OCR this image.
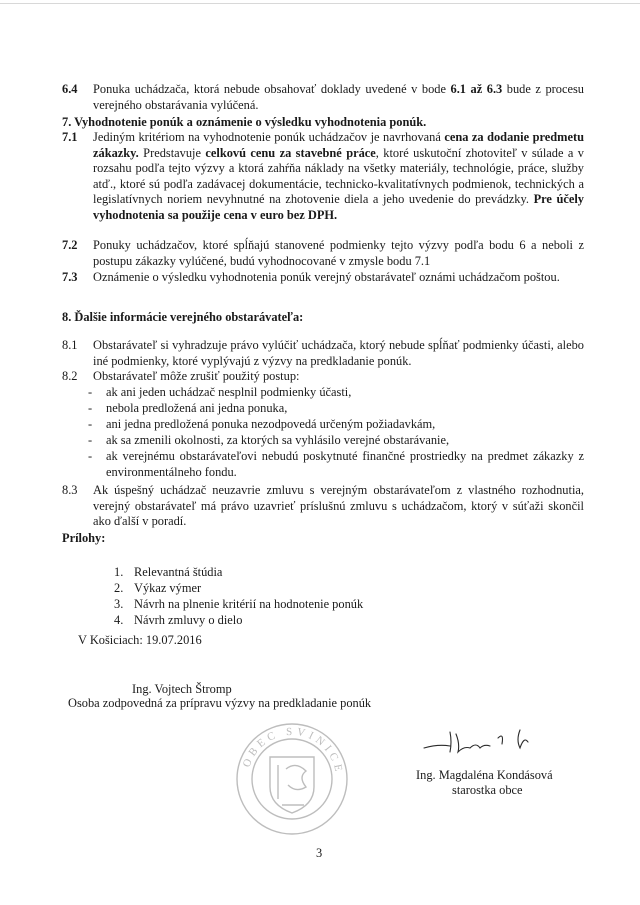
6.4 Ponuka uchádzača, ktorá nebude obsahovať doklady uvedené v bode 6.1 až 6.3 bude z procesu verejného obstarávania vylúčená.
7. Vyhodnotenie ponúk a oznámenie o výsledku vyhodnotenia ponúk.
7.1 Jediným kritériom na vyhodnotenie ponúk uchádzačov je navrhovaná cena za dodanie predmetu zákazky. Predstavuje celkovú cenu za stavebné práce, ktoré uskutoční zhotoviteľ v súlade a v rozsahu podľa tejto výzvy a ktorá zahŕňa náklady na všetky materiály, technológie, práce, služby atď., ktoré sú podľa zadávacej dokumentácie, technicko-kvalitatívnych podmienok, technických a legislatívnych noriem nevyhnutné na zhotovenie diela a jeho uvedenie do prevádzky. Pre účely vyhodnotenia sa použije cena v euro bez DPH.
7.2 Ponuky uchádzačov, ktoré spĺňajú stanovené podmienky tejto výzvy podľa bodu 6 a neboli z postupu zákazky vylúčené, budú vyhodnocované v zmysle bodu 7.1
7.3 Oznámenie o výsledku vyhodnotenia ponúk verejný obstarávateľ oznámi uchádzačom poštou.
8. Ďalšie informácie verejného obstarávateľa:
8.1 Obstarávateľ si vyhradzuje právo vylúčiť uchádzača, ktorý nebude spĺňať podmienky účasti, alebo iné podmienky, ktoré vyplývajú z výzvy na predkladanie ponúk.
8.2 Obstarávateľ môže zrušiť použitý postup:
- ak ani jeden uchádzač nesplnil podmienky účasti,
- nebola predložená ani jedna ponuka,
- ani jedna predložená ponuka nezodpovedá určeným požiadavkám,
- ak sa zmenili okolnosti, za ktorých sa vyhlásilo verejné obstarávanie,
- ak verejnému obstarávateľovi nebudú poskytnuté finančné prostriedky na predmet zákazky z environmentálneho fondu.
8.3 Ak úspešný uchádzač neuzavrie zmluvu s verejným obstarávateľom z vlastného rozhodnutia, verejný obstarávateľ má právo uzavrieť príslušnú zmluvu s uchádzačom, ktorý v súťaži skončil ako ďalší v poradí.
Prílohy:
1. Relevantná štúdia
2. Výkaz výmer
3. Návrh na plnenie kritérií na hodnotenie ponúk
4. Návrh zmluvy o dielo
V Košiciach: 19.07.2016
Ing. Vojtech Štromp
Osoba zodpovedná za prípravu výzvy na predkladanie ponúk
OBEC SVINICE	Ing. Magdaléna Kondásová
starostka obce
3
